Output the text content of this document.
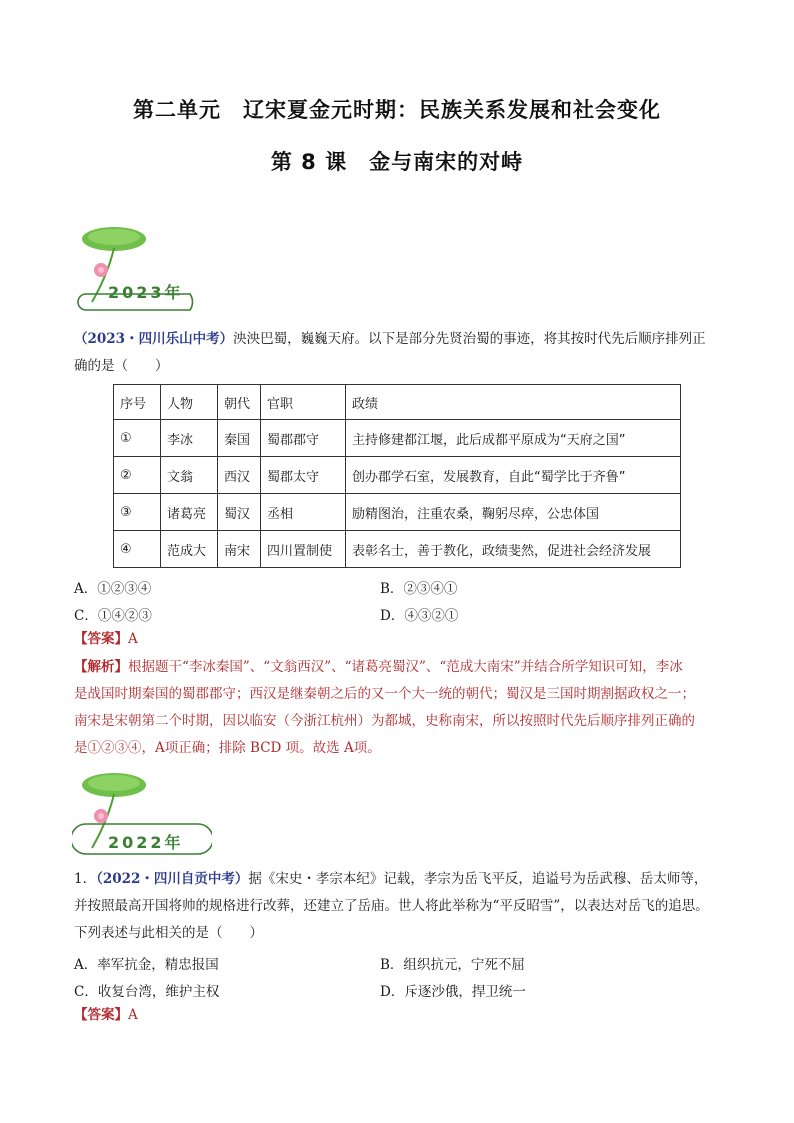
第二单元　辽宋夏金元时期：民族关系发展和社会变化
第 8 课　金与南宋的对峙
2023年
（2023・四川乐山中考）泱泱巴蜀，巍巍天府。以下是部分先贤治蜀的事迹，将其按时代先后顺序排列正
确的是（　　）
序号	人物	朝代	官职	政绩
①	李冰	秦国	蜀郡郡守	主持修建都江堰，此后成都平原成为“天府之国”
②	文翁	西汉	蜀郡太守	创办郡学石室，发展教育，自此“蜀学比于齐鲁”
③	诸葛亮	蜀汉	丞相	励精图治，注重农桑，鞠躬尽瘁，公忠体国
④	范成大	南宋	四川置制使	表彰名士，善于教化，政绩斐然，促进社会经济发展
A．①②③④	B．②③④①
C．①④②③	D．④③②①
【答案】A
【解析】根据题干“李冰秦国”、“文翁西汉”、“诸葛亮蜀汉”、“范成大南宋”并结合所学知识可知，李冰
是战国时期秦国的蜀郡郡守；西汉是继秦朝之后的又一个大一统的朝代；蜀汉是三国时期割据政权之一；
南宋是宋朝第二个时期，因以临安（今浙江杭州）为都城，史称南宋，所以按照时代先后顺序排列正确的
是①②③④，A项正确；排除 BCD 项。故选 A项。
2022年
1．（2022・四川自贡中考）据《宋史・孝宗本纪》记载，孝宗为岳飞平反，追谥号为岳武穆、岳太师等，
并按照最高开国将帅的规格进行改葬，还建立了岳庙。世人将此举称为“平反昭雪”，以表达对岳飞的追思。
下列表述与此相关的是（　　）
A．率军抗金，精忠报国	B．组织抗元，宁死不屈
C．收复台湾，维护主权	D．斥逐沙俄，捍卫统一
【答案】A
